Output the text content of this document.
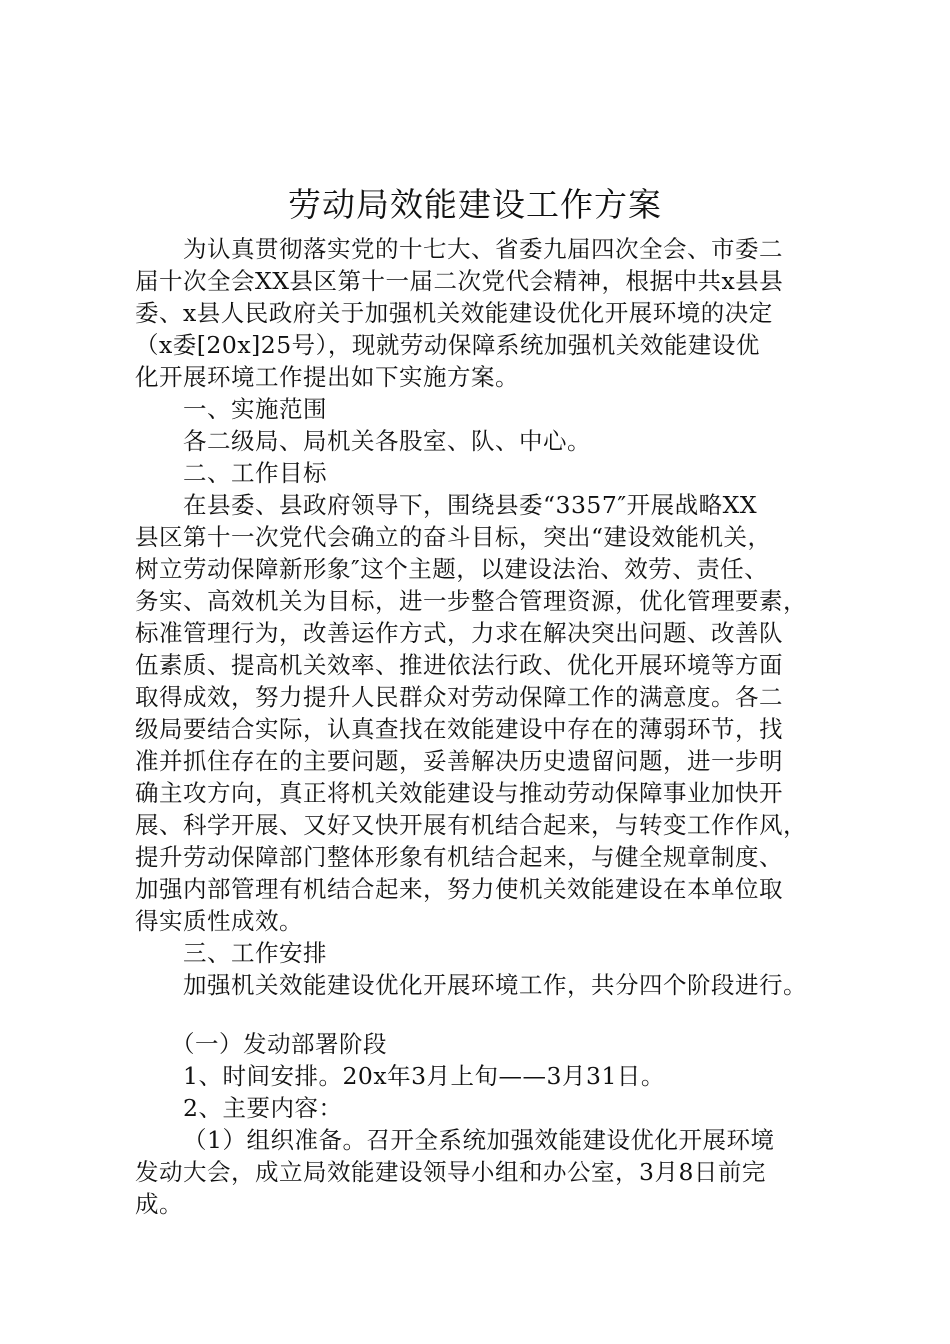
劳动局效能建设工作方案
为认真贯彻落实党的十七大、省委九届四次全会、市委二
届十次全会XX县区第十一届二次党代会精神，根据中共x县县
委、x县人民政府关于加强机关效能建设优化开展环境的决定
（x委[20x]25号），现就劳动保障系统加强机关效能建设优
化开展环境工作提出如下实施方案。
一、实施范围
各二级局、局机关各股室、队、中心。
二、工作目标
在县委、县政府领导下，围绕县委“3357″开展战略XX
县区第十一次党代会确立的奋斗目标，突出“建设效能机关，
树立劳动保障新形象″这个主题，以建设法治、效劳、责任、
务实、高效机关为目标，进一步整合管理资源，优化管理要素，
标准管理行为，改善运作方式，力求在解决突出问题、改善队
伍素质、提高机关效率、推进依法行政、优化开展环境等方面
取得成效，努力提升人民群众对劳动保障工作的满意度。各二
级局要结合实际，认真查找在效能建设中存在的薄弱环节，找
准并抓住存在的主要问题，妥善解决历史遗留问题，进一步明
确主攻方向，真正将机关效能建设与推动劳动保障事业加快开
展、科学开展、又好又快开展有机结合起来，与转变工作作风，
提升劳动保障部门整体形象有机结合起来，与健全规章制度、
加强内部管理有机结合起来，努力使机关效能建设在本单位取
得实质性成效。
三、工作安排
加强机关效能建设优化开展环境工作，共分四个阶段进行。
（一）发动部署阶段
1、时间安排。20x年3月上旬——3月31日。
2、主要内容：
（1）组织准备。召开全系统加强效能建设优化开展环境
发动大会，成立局效能建设领导小组和办公室，3月8日前完
成。
